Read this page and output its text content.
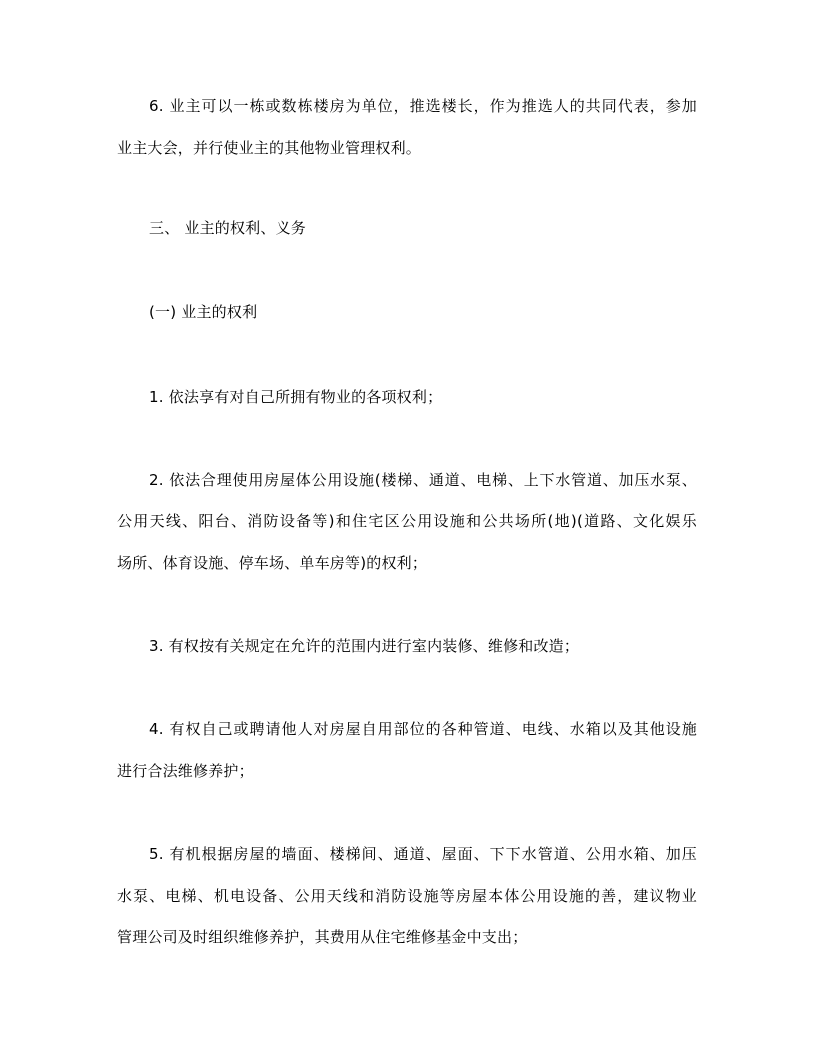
6. 业主可以一栋或数栋楼房为单位，推选楼长，作为推选人的共同代表，参加
业主大会，并行使业主的其他物业管理权利。
三、 业主的权利、义务
(一) 业主的权利
1. 依法享有对自己所拥有物业的各项权利；
2. 依法合理使用房屋体公用设施(楼梯、通道、电梯、上下水管道、加压水泵、
公用天线、阳台、消防设备等)和住宅区公用设施和公共场所(地)(道路、文化娱乐
场所、体育设施、停车场、单车房等)的权利；
3. 有权按有关规定在允许的范围内进行室内装修、维修和改造；
4. 有权自己或聘请他人对房屋自用部位的各种管道、电线、水箱以及其他设施
进行合法维修养护；
5. 有机根据房屋的墙面、楼梯间、通道、屋面、下下水管道、公用水箱、加压
水泵、电梯、机电设备、公用天线和消防设施等房屋本体公用设施的善，建议物业
管理公司及时组织维修养护，其费用从住宅维修基金中支出；
